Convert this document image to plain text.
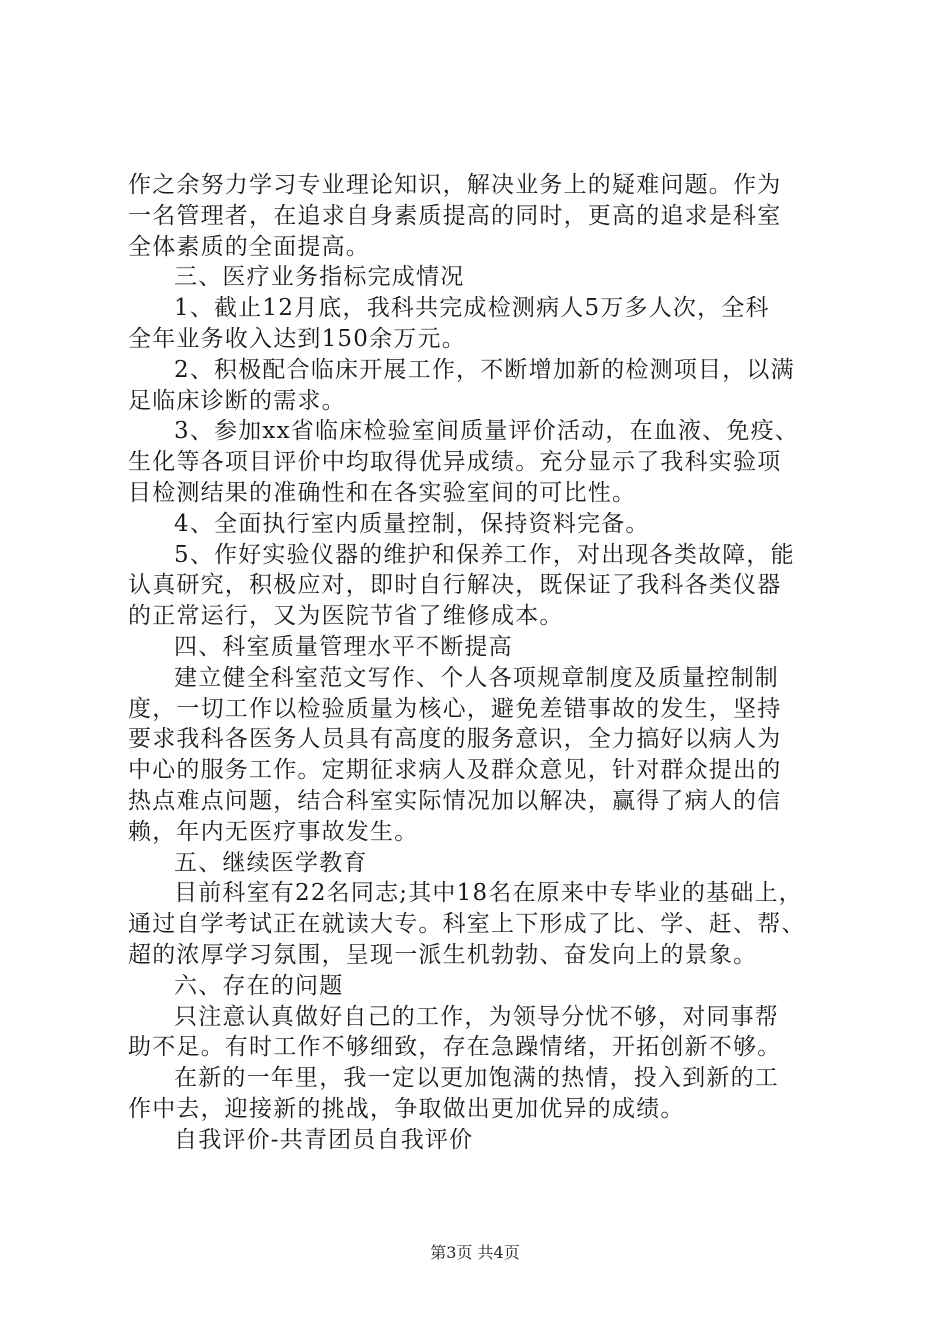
作之余努力学习专业理论知识，解决业务上的疑难问题。作为
一名管理者，在追求自身素质提高的同时，更高的追求是科室
全体素质的全面提高。
三、医疗业务指标完成情况
1、截止12月底，我科共完成检测病人5万多人次，全科
全年业务收入达到150余万元。
2、积极配合临床开展工作，不断增加新的检测项目，以满
足临床诊断的需求。
3、参加xx省临床检验室间质量评价活动，在血液、免疫、
生化等各项目评价中均取得优异成绩。充分显示了我科实验项
目检测结果的准确性和在各实验室间的可比性。
4、全面执行室内质量控制，保持资料完备。
5、作好实验仪器的维护和保养工作，对出现各类故障，能
认真研究，积极应对，即时自行解决，既保证了我科各类仪器
的正常运行，又为医院节省了维修成本。
四、科室质量管理水平不断提高
建立健全科室范文写作、个人各项规章制度及质量控制制
度，一切工作以检验质量为核心，避免差错事故的发生，坚持
要求我科各医务人员具有高度的服务意识，全力搞好以病人为
中心的服务工作。定期征求病人及群众意见，针对群众提出的
热点难点问题，结合科室实际情况加以解决，赢得了病人的信
赖，年内无医疗事故发生。
五、继续医学教育
目前科室有22名同志;其中18名在原来中专毕业的基础上，
通过自学考试正在就读大专。科室上下形成了比、学、赶、帮、
超的浓厚学习氛围，呈现一派生机勃勃、奋发向上的景象。
六、存在的问题
只注意认真做好自己的工作，为领导分忧不够，对同事帮
助不足。有时工作不够细致，存在急躁情绪，开拓创新不够。
在新的一年里，我一定以更加饱满的热情，投入到新的工
作中去，迎接新的挑战，争取做出更加优异的成绩。
自我评价-共青团员自我评价
第3页 共4页
